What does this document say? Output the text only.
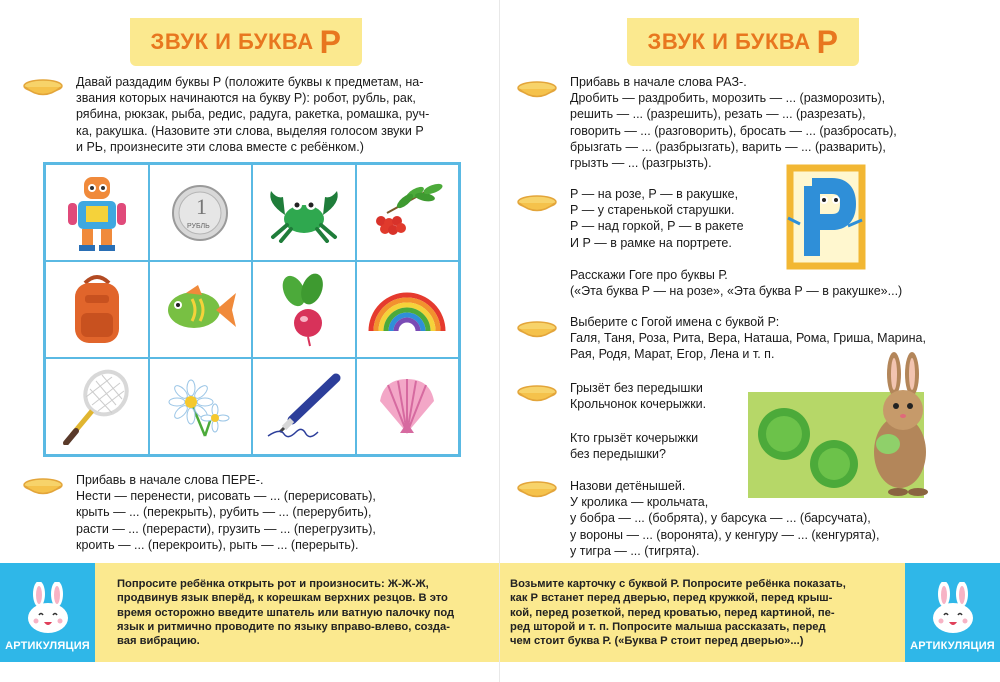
ЗВУК И БУКВА Р
Давай раздадим буквы Р (положите буквы к предметам, на-
звания которых начинаются на букву Р): робот, рубль, рак,
рябина, рюкзак, рыба, редис, радуга, ракетка, ромашка, руч-
ка, ракушка. (Назовите эти слова, выделяя голосом звуки Р
и РЬ, произнесите эти слова вместе с ребёнком.)
1
РУБЛЬ
Прибавь в начале слова ПЕРЕ-.
Нести — перенести, рисовать — ... (перерисовать),
крыть — ... (перекрыть), рубить — ... (перерубить),
расти — ... (перерасти), грузить — ... (перегрузить),
кроить — ... (перекроить), рыть — ... (перерыть).
АРТИКУЛЯЦИЯ
Попросите ребёнка открыть рот и произносить: Ж-Ж-Ж,
продвинув язык вперёд, к корешкам верхних резцов. В это
время осторожно введите шпатель или ватную палочку под
язык и ритмично проводите по языку вправо-влево, созда-
вая вибрацию.
ЗВУК И БУКВА Р
Прибавь в начале слова РАЗ-.
Дробить — раздробить, морозить — ... (разморозить),
решить — ... (разрешить), резать — ... (разрезать),
говорить — ... (разговорить), бросать — ... (разбросать),
брызгать — ... (разбрызгать), варить — ... (разварить),
грызть — ... (разгрызть).
Р — на розе, Р — в ракушке,
Р — у старенькой старушки.
Р — над горкой, Р — в ракете
И Р — в рамке на портрете.
Расскажи Гоге про буквы Р.
(«Эта буква Р — на розе», «Эта буква Р — в ракушке»...)
Выберите с Гогой имена с буквой Р:
Галя, Таня, Роза, Рита, Вера, Наташа, Рома, Гриша, Марина,
Рая, Родя, Марат, Егор, Лена и т. п.
Грызёт без передышки
Крольчонок кочерыжки.
Кто грызёт кочерыжки
без передышки?
Назови детёнышей.
У кролика — крольчата,
у бобра — ... (бобрята), у барсука — ... (барсучата),
у вороны — ... (воронята), у кенгуру — ... (кенгурята),
у тигра — ... (тигрята).
Возьмите карточку с буквой Р. Попросите ребёнка показать,
как Р встанет перед дверью, перед кружкой, перед крыш-
кой, перед розеткой, перед кроватью, перед картиной, пе-
ред шторой и т. п. Попросите малыша рассказать, перед
чем стоит буква Р. («Буква Р стоит перед дверью»...)	АРТИКУЛЯЦИЯ
